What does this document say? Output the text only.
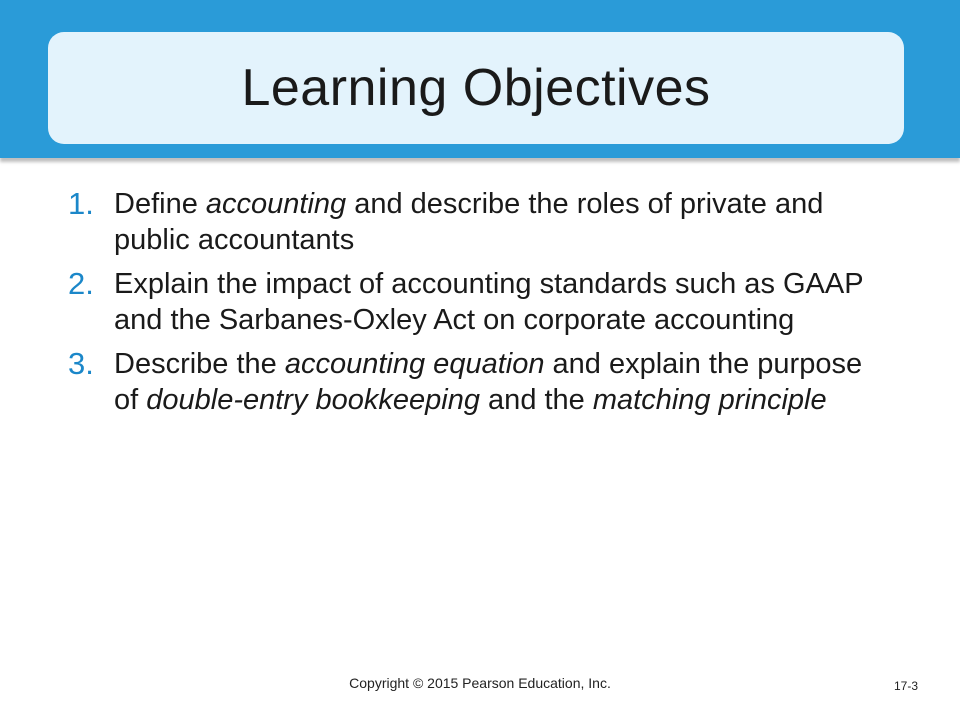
Learning Objectives
1. Define accounting and describe the roles of private and public accountants
2. Explain the impact of accounting standards such as GAAP and the Sarbanes-Oxley Act on corporate accounting
3. Describe the accounting equation and explain the purpose of double-entry bookkeeping and the matching principle
Copyright © 2015 Pearson Education, Inc.	17-3
